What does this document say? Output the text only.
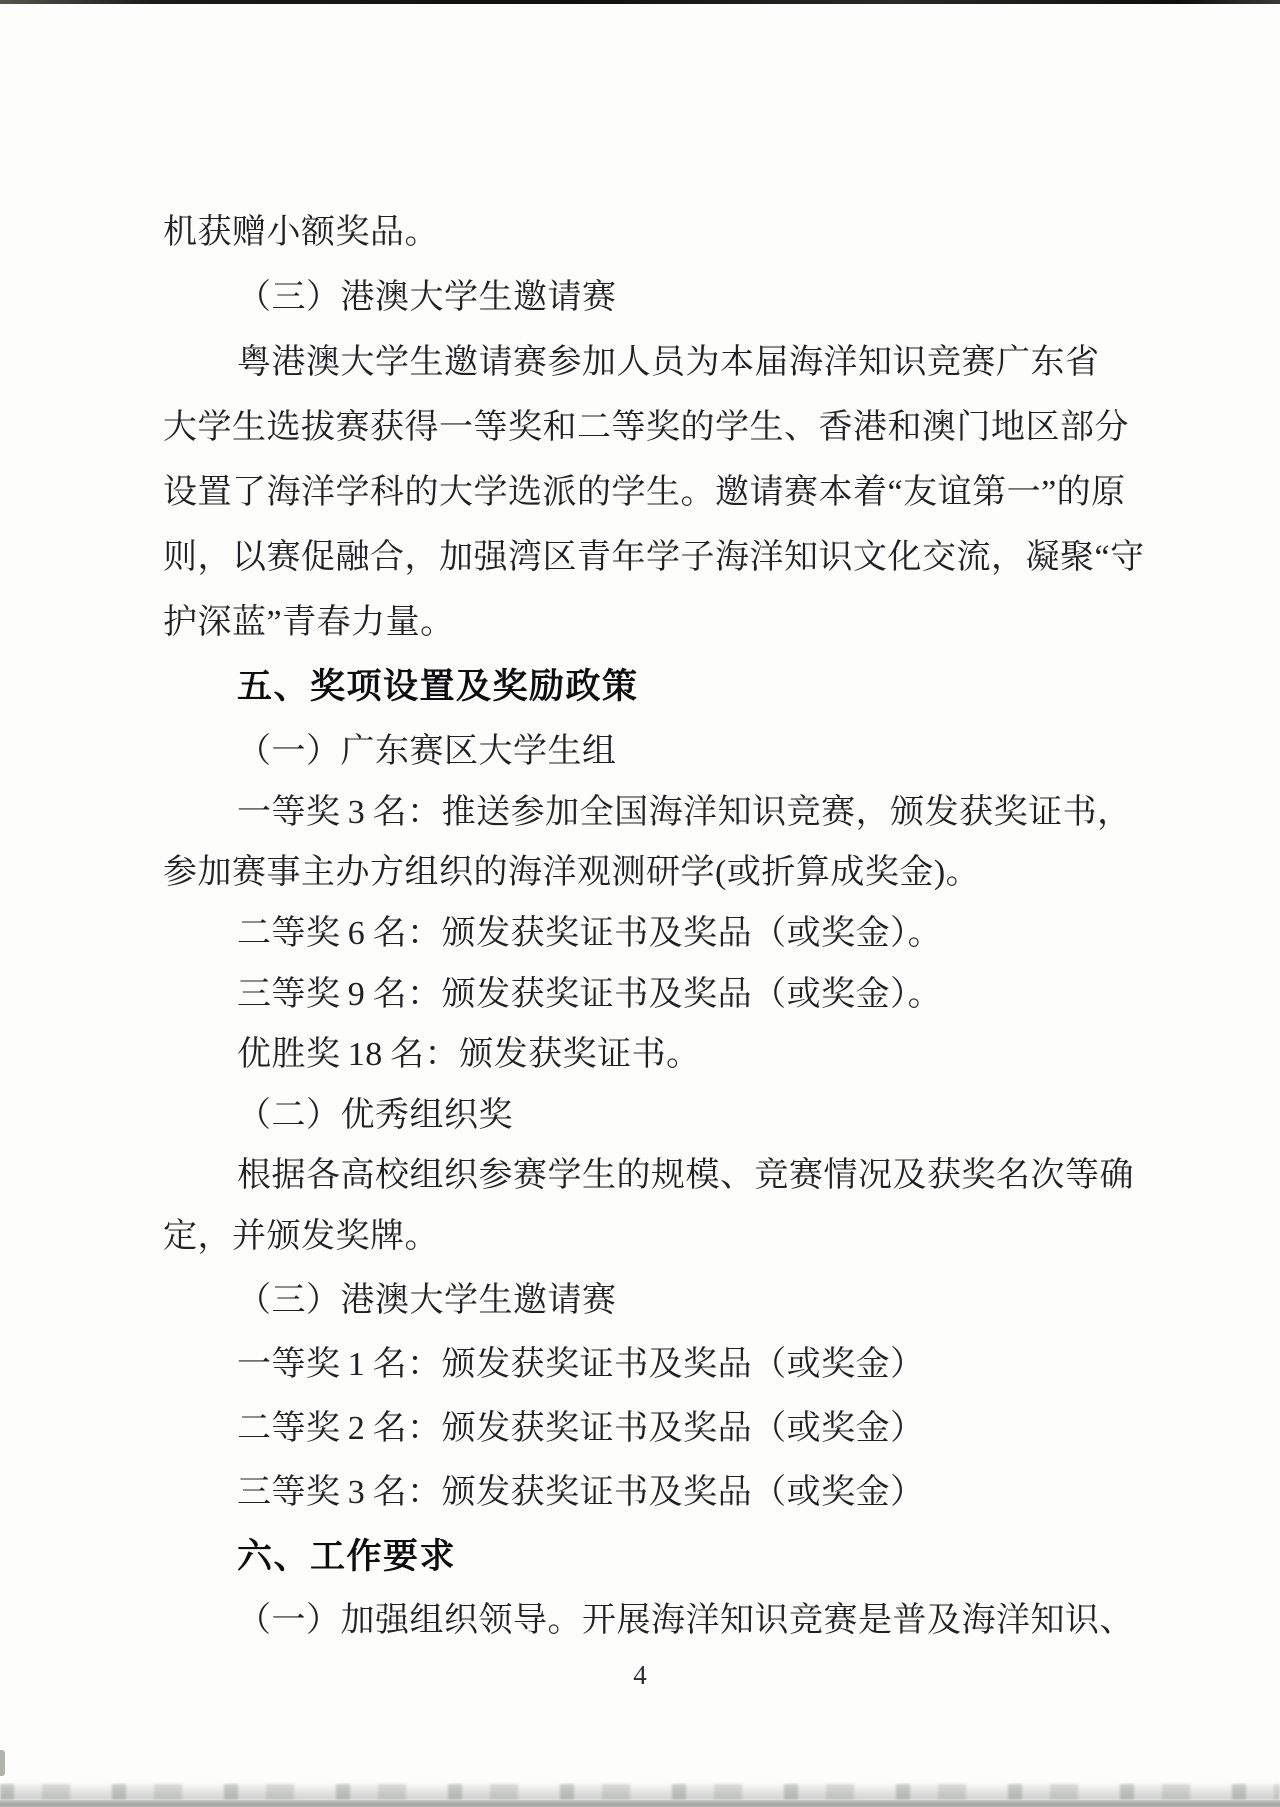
机获赠小额奖品。
（三）港澳大学生邀请赛
粤港澳大学生邀请赛参加人员为本届海洋知识竞赛广东省
大学生选拔赛获得一等奖和二等奖的学生、香港和澳门地区部分
设置了海洋学科的大学选派的学生。邀请赛本着“友谊第一”的原
则，以赛促融合，加强湾区青年学子海洋知识文化交流，凝聚“守
护深蓝”青春力量。
五、奖项设置及奖励政策
（一）广东赛区大学生组
一等奖 3 名：推送参加全国海洋知识竞赛，颁发获奖证书，
参加赛事主办方组织的海洋观测研学(或折算成奖金)。
二等奖 6 名：颁发获奖证书及奖品（或奖金）。
三等奖 9 名：颁发获奖证书及奖品（或奖金）。
优胜奖 18 名：颁发获奖证书。
（二）优秀组织奖
根据各高校组织参赛学生的规模、竞赛情况及获奖名次等确
定，并颁发奖牌。
（三）港澳大学生邀请赛
一等奖 1 名：颁发获奖证书及奖品（或奖金）
二等奖 2 名：颁发获奖证书及奖品（或奖金）
三等奖 3 名：颁发获奖证书及奖品（或奖金）
六、工作要求
（一）加强组织领导。开展海洋知识竞赛是普及海洋知识、
4
